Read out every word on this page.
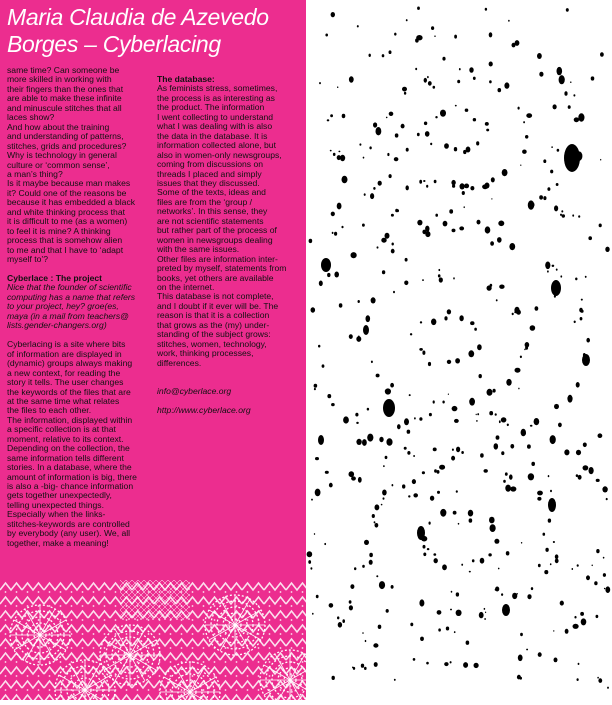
Maria Claudia de Azevedo
Borges – Cyberlacing

same time? Can someone be
more skilled in working with
their fingers than the ones that
are able to make these infinite
and minuscule stitches that all
laces show?
And how about the training
and understanding of patterns,
stitches, grids and procedures?
Why is technology in general
culture or ‘common sense’,
a man’s thing?
Is it maybe because man makes
it? Could one of the reasons be
because it has embedded a black
and white thinking process that
it is difficult to me (as a women)
to feel it is mine? A thinking
process that is somehow alien
to me and that I have to ‘adapt
myself to’?

Cyberlace : The project

Nice that the founder of scientific
computing has a name that refers
to your project, hey? groe(es,
maya (in a mail from teachers@
lists.gender-changers.org)

Cyberlacing is a site where bits
of information are displayed in
(dynamic) groups always making
a new context, for reading the
story it tells. The user changes
the keywords of the files that are
at the same time what relates
the files to each other.
The information, displayed within
a specific collection is at that
moment, relative to its context.
Depending on the collection, the
same information tells different
stories. In a database, where the
amount of information is big, there
is also a -big- chance information
gets together unexpectedly,
telling unexpected things.
Especially when the links-
stitches-keywords are controlled
by everybody (any user). We, all
together, make a meaning!

The database:

As feminists stress, sometimes,
the process is as interesting as
the product. The information
I went collecting to understand
what I was dealing with is also
the data in the database. It is
information collected alone, but
also in women-only newsgroups,
coming from discussions on
threads I placed and simply
issues that they discussed.
Some of the texts, ideas and
files are from the ‘group /
networks’. In this sense, they
are not scientific statements
but rather part of the process of
women in newsgroups dealing
with the same issues.
Other files are information inter-
preted by myself, statements from
books, yet others are available
on the internet.
This database is not complete,
and I doubt if it ever will be. The
reason is that it is a collection
that grows as the (my) under-
standing of the subject grows:
stitches, women, technology,
work, thinking processes,
differences.

info@cyberlace.org

http://www.cyberlace.org
